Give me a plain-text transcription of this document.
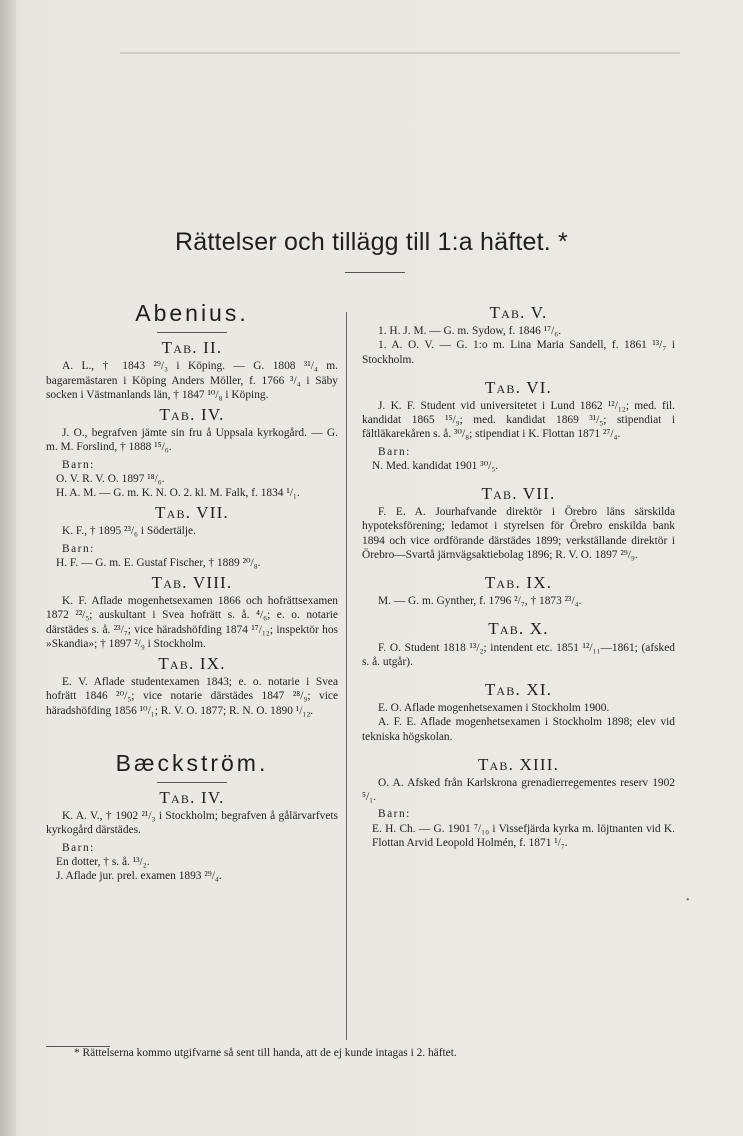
Rättelser och tillägg till 1:a häftet. *
Abenius.
Tab. II.

A. L., † 1843 ²⁹/₃ i Köping. — G. 1808 ³¹/₄ m. bagaremästaren i Köping Anders Möller, f. 1766 ³/₄ i Säby socken i Västmanlands län, † 1847 ¹⁰/₈ i Köping.

Tab. IV.

J. O., begrafven jämte sin fru å Uppsala kyrkogård. — G. m. M. Forslind, † 1888 ¹⁵/₆.

Barn:

O. V. R. V. O. 1897 ¹⁸/₆.

H. A. M. — G. m. K. N. O. 2. kl. M. Falk, f. 1834 ¹/₁.

Tab. VII.

K. F., † 1895 ²³/₆ i Södertälje.

Barn:

H. F. — G. m. E. Gustaf Fischer, † 1889 ²⁰/₈.

Tab. VIII.

K. F. Aflade mogenhetsexamen 1866 och hofrättsexamen 1872 ²²/₅; auskultant i Svea hofrätt s. å. ⁴/₆; e. o. notarie därstädes s. å. ²³/₇; vice häradshöfding 1874 ¹⁷/₁₂; inspektör hos »Skandia»; † 1897 ²/₉ i Stockholm.

Tab. IX.

E. V. Aflade studentexamen 1843; e. o. notarie i Svea hofrätt 1846 ²⁰/₅; vice notarie därstädes 1847 ²⁸/₉; vice häradshöfding 1856 ¹⁰/₁; R. V. O. 1877; R. N. O. 1890 ¹/₁₂.

Bæckström.
Tab. IV.

K. A. V., † 1902 ²¹/₃ i Stockholm; begrafven å gålärvarfvets kyrkogård därstädes.

Barn:

En dotter, † s. å. ¹³/₂.

J. Aflade jur. prel. examen 1893 ²⁹/₄.

Tab. V.

1. H. J. M. — G. m. Sydow, f. 1846 ¹⁷/₆.

1. A. O. V. — G. 1:o m. Lina Maria Sandell, f. 1861 ¹³/₇ i Stockholm.

Tab. VI.

J. K. F. Student vid universitetet i Lund 1862 ¹²/₁₂; med. fil. kandidat 1865 ¹⁵/₉; med. kandidat 1869 ³¹/₅; stipendiat i fältläkarekåren s. å. ³⁰/₈; stipendiat i K. Flottan 1871 ²⁷/₄.

Barn:

N. Med. kandidat 1901 ³⁰/₅.

Tab. VII.

F. E. A. Jourhafvande direktör i Örebro läns särskilda hypoteksförening; ledamot i styrelsen för Örebro enskilda bank 1894 och vice ordförande därstädes 1899; verkställande direktör i Örebro—Svartå järnvägsaktiebolag 1896; R. V. O. 1897 ²⁹/₉.

Tab. IX.

M. — G. m. Gynther, f. 1796 ²/₇, † 1873 ²³/₄.

Tab. X.

F. O. Student 1818 ¹³/₂; intendent etc. 1851 ¹²/₁₁—1861; (afsked s. å. utgår).

Tab. XI.

E. O. Aflade mogenhetsexamen i Stockholm 1900.

A. F. E. Aflade mogenhetsexamen i Stockholm 1898; elev vid tekniska högskolan.

Tab. XIII.

O. A. Afsked från Karlskrona grenadierregementes reserv 1902 ⁵/₁.

Barn:

E. H. Ch. — G. 1901 ⁷/₁₀ i Vissefjärda kyrka m. löjtnanten vid K. Flottan Arvid Leopold Holmén, f. 1871 ¹/₇.

•
* Rättelserna kommo utgifvarne så sent till handa, att de ej kunde intagas i 2. häftet.
